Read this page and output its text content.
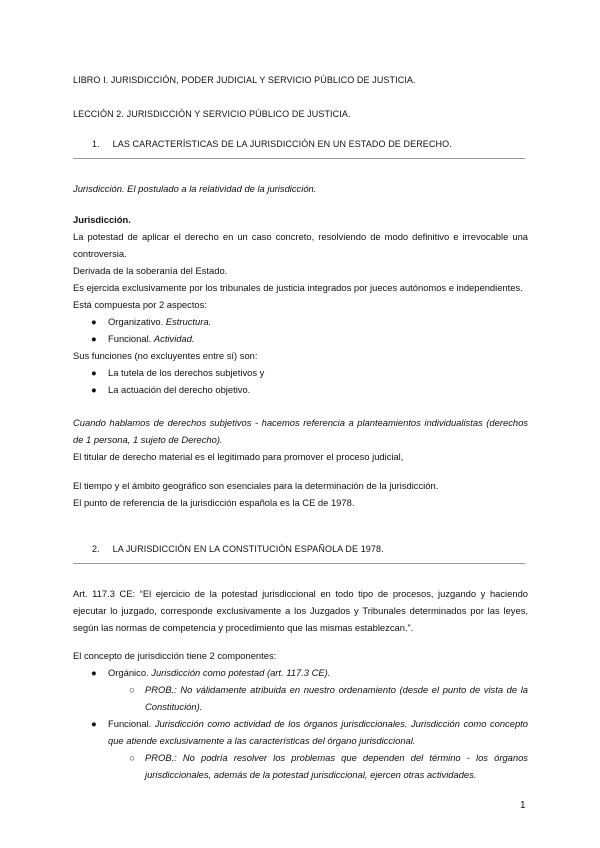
LIBRO I. JURISDICCIÓN, PODER JUDICIAL Y SERVICIO PÚBLICO DE JUSTICIA.
LECCIÓN 2. JURISDICCIÓN Y SERVICIO PÚBLICO DE JUSTICIA.
1. LAS CARACTERÍSTICAS DE LA JURISDICCIÓN EN UN ESTADO DE DERECHO.
Jurisdicción. El postulado a la relatividad de la jurisdicción.
Jurisdicción.
La potestad de aplicar el derecho en un caso concreto, resolviendo de modo definitivo e irrevocable una controversia.
Derivada de la soberanía del Estado.
Es ejercida exclusivamente por los tribunales de justicia integrados por jueces autónomos e independientes.
Está compuesta por 2 aspectos:
● Organizativo. Estructura.
● Funcional. Actividad.
Sus funciones (no excluyentes entre sí) son:
● La tutela de los derechos subjetivos y
● La actuación del derecho objetivo.
Cuando hablamos de derechos subjetivos - hacemos referencia a planteamientos individualistas (derechos de 1 persona, 1 sujeto de Derecho).
El titular de derecho material es el legitimado para promover el proceso judicial,
El tiempo y el ámbito geográfico son esenciales para la determinación de la jurisdicción.
El punto de referencia de la jurisdicción española es la CE de 1978.
2. LA JURISDICCIÓN EN LA CONSTITUCIÓN ESPAÑOLA DE 1978.
Art. 117.3 CE: “El ejercicio de la potestad jurisdiccional en todo tipo de procesos, juzgando y haciendo ejecutar lo juzgado, corresponde exclusivamente a los Juzgados y Tribunales determinados por las leyes, según las normas de competencia y procedimiento que las mismas establezcan.”.
El concepto de jurisdicción tiene 2 componentes:
● Orgánico. Jurisdicción como potestad (art. 117.3 CE).
○ PROB.: No válidamente atribuida en nuestro ordenamiento (desde el punto de vista de la Constitución).
● Funcional. Jurisdicción como actividad de los órganos jurisdiccionales. Jurisdicción como concepto que atiende exclusivamente a las características del órgano jurisdiccional.
○ PROB.: No podría resolver los problemas que dependen del término - los órganos jurisdiccionales, además de la potestad jurisdiccional, ejercen otras actividades.
1
